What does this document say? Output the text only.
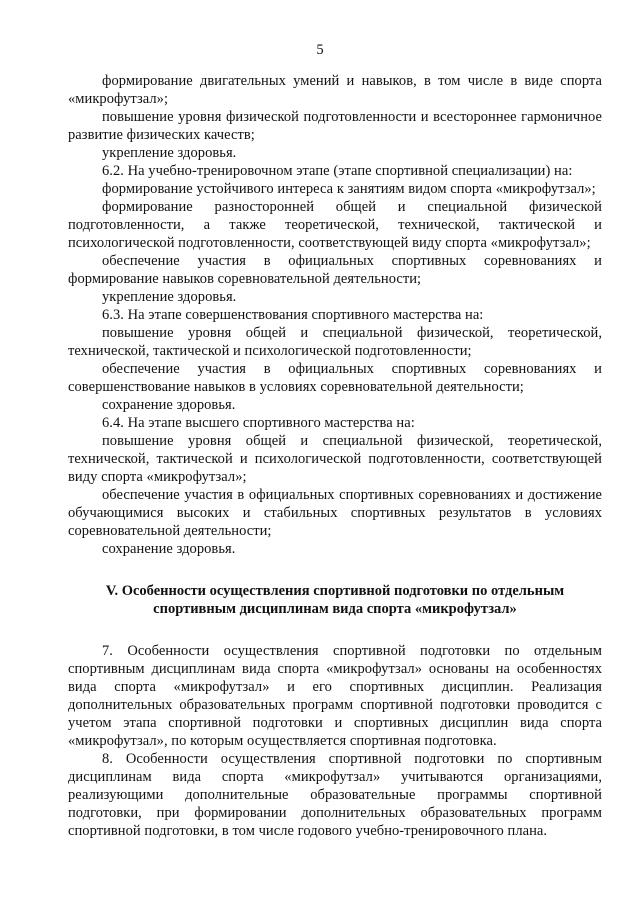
5

формирование двигательных умений и навыков, в том числе в виде спорта «микрофутзал»;

повышение уровня физической подготовленности и всестороннее гармоничное развитие физических качеств;

укрепление здоровья.

6.2. На учебно-тренировочном этапе (этапе спортивной специализации) на:

формирование устойчивого интереса к занятиям видом спорта «микрофутзал»;

формирование разносторонней общей и специальной физической подготовленности, а также теоретической, технической, тактической и психологической подготовленности, соответствующей виду спорта «микрофутзал»;

обеспечение участия в официальных спортивных соревнованиях и формирование навыков соревновательной деятельности;

укрепление здоровья.

6.3. На этапе совершенствования спортивного мастерства на:

повышение уровня общей и специальной физической, теоретической, технической, тактической и психологической подготовленности;

обеспечение участия в официальных спортивных соревнованиях и совершенствование навыков в условиях соревновательной деятельности;

сохранение здоровья.

6.4. На этапе высшего спортивного мастерства на:

повышение уровня общей и специальной физической, теоретической, технической, тактической и психологической подготовленности, соответствующей виду спорта «микрофутзал»;

обеспечение участия в официальных спортивных соревнованиях и достижение обучающимися высоких и стабильных спортивных результатов в условиях соревновательной деятельности;

сохранение здоровья.

V. Особенности осуществления спортивной подготовки по отдельным спортивным дисциплинам вида спорта «микрофутзал»

7. Особенности осуществления спортивной подготовки по отдельным спортивным дисциплинам вида спорта «микрофутзал» основаны на особенностях вида спорта «микрофутзал» и его спортивных дисциплин. Реализация дополнительных образовательных программ спортивной подготовки проводится с учетом этапа спортивной подготовки и спортивных дисциплин вида спорта «микрофутзал», по которым осуществляется спортивная подготовка.

8. Особенности осуществления спортивной подготовки по спортивным дисциплинам вида спорта «микрофутзал» учитываются организациями, реализующими дополнительные образовательные программы спортивной подготовки, при формировании дополнительных образовательных программ спортивной подготовки, в том числе годового учебно-тренировочного плана.
